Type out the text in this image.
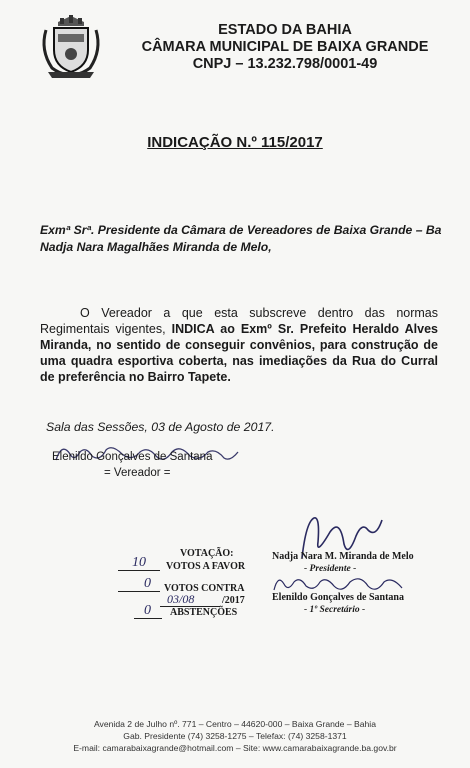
ESTADO DA BAHIA
CÂMARA MUNICIPAL DE BAIXA GRANDE
CNPJ – 13.232.798/0001-49
INDICAÇÃO N.º 115/2017
Exmª Srª. Presidente da Câmara de Vereadores de Baixa Grande – Ba
Nadja Nara Magalhães Miranda de Melo,
O Vereador a que esta subscreve dentro das normas Regimentais vigentes, INDICA ao Exmº Sr. Prefeito Heraldo Alves Miranda, no sentido de conseguir convênios, para construção de uma quadra esportiva coberta, nas imediações da Rua do Curral de preferência no Bairro Tapete.
Sala das Sessões, 03 de Agosto de 2017.
Elenildo Gonçalves de Santana
= Vereador =
VOTAÇÃO:
10 VOTOS A FAVOR
0 VOTOS CONTRA
03/08	/2017
0 ABSTENÇÕES
Nadja Nara M. Miranda de Melo
- Presidente -
Elenildo Gonçalves de Santana
- 1º Secretário -
Avenida 2 de Julho nº. 771 – Centro – 44620-000 – Baixa Grande – Bahia
Gab. Presidente (74) 3258-1275 – Telefax: (74) 3258-1371
E-mail: camarabaixagrande@hotmail.com – Site: www.camarabaixagrande.ba.gov.br
